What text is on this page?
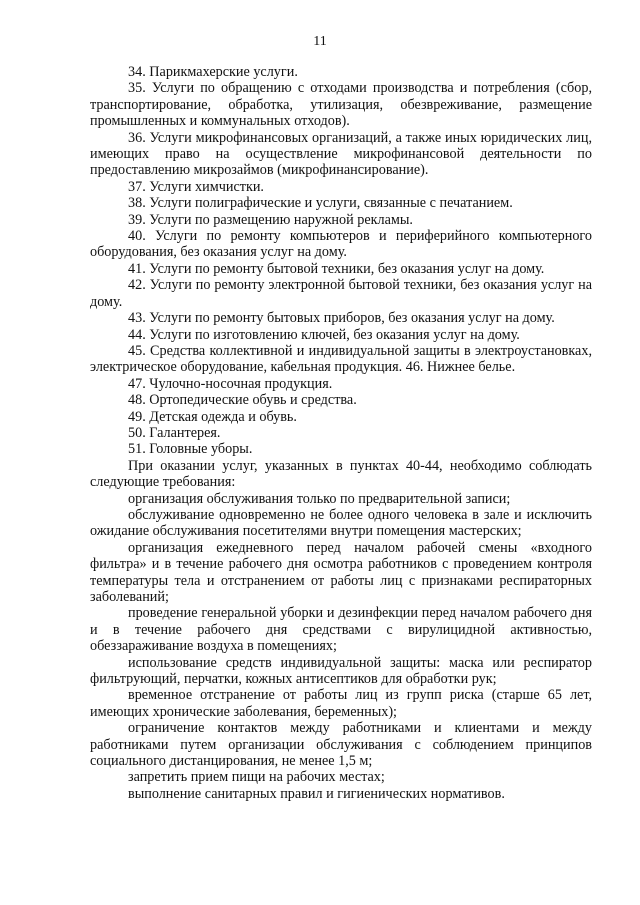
11

34. Парикмахерские услуги.

35. Услуги по обращению с отходами производства и потребления (сбор, транспортирование, обработка, утилизация, обезвреживание, размещение промышленных и коммунальных отходов).

36. Услуги микрофинансовых организаций, а также иных юридических лиц, имеющих право на осуществление микрофинансовой деятельности по предоставлению микрозаймов (микрофинансирование).

37. Услуги химчистки.

38. Услуги полиграфические и услуги, связанные с печатанием.

39. Услуги по размещению наружной рекламы.

40. Услуги по ремонту компьютеров и периферийного компьютерного оборудования, без оказания услуг на дому.

41. Услуги по ремонту бытовой техники, без оказания услуг на дому.

42. Услуги по ремонту электронной бытовой техники, без оказания услуг на дому.

43. Услуги по ремонту бытовых приборов, без оказания услуг на дому.

44. Услуги по изготовлению ключей, без оказания услуг на дому.

45. Средства коллективной и индивидуальной защиты в электроустановках, электрическое оборудование, кабельная продукция. 46. Нижнее белье.

47. Чулочно-носочная продукция.

48. Ортопедические обувь и средства.

49. Детская одежда и обувь.

50. Галантерея.

51. Головные уборы.

При оказании услуг, указанных в пунктах 40-44, необходимо соблюдать следующие требования:

организация обслуживания только по предварительной записи;

обслуживание одновременно не более одного человека в зале и исключить ожидание обслуживания посетителями внутри помещения мастерских;

организация ежедневного перед началом рабочей смены «входного фильтра» и в течение рабочего дня осмотра работников с проведением контроля температуры тела и отстранением от работы лиц с признаками респираторных заболеваний;

проведение генеральной уборки и дезинфекции перед началом рабочего дня и в течение рабочего дня средствами с вирулицидной активностью, обеззараживание воздуха в помещениях;

использование средств индивидуальной защиты: маска или респиратор фильтрующий, перчатки, кожных антисептиков для обработки рук;

временное отстранение от работы лиц из групп риска (старше 65 лет, имеющих хронические заболевания, беременных);

ограничение контактов между работниками и клиентами и между работниками путем организации обслуживания с соблюдением принципов социального дистанцирования, не менее 1,5 м;

запретить прием пищи на рабочих местах;

выполнение санитарных правил и гигиенических нормативов.
